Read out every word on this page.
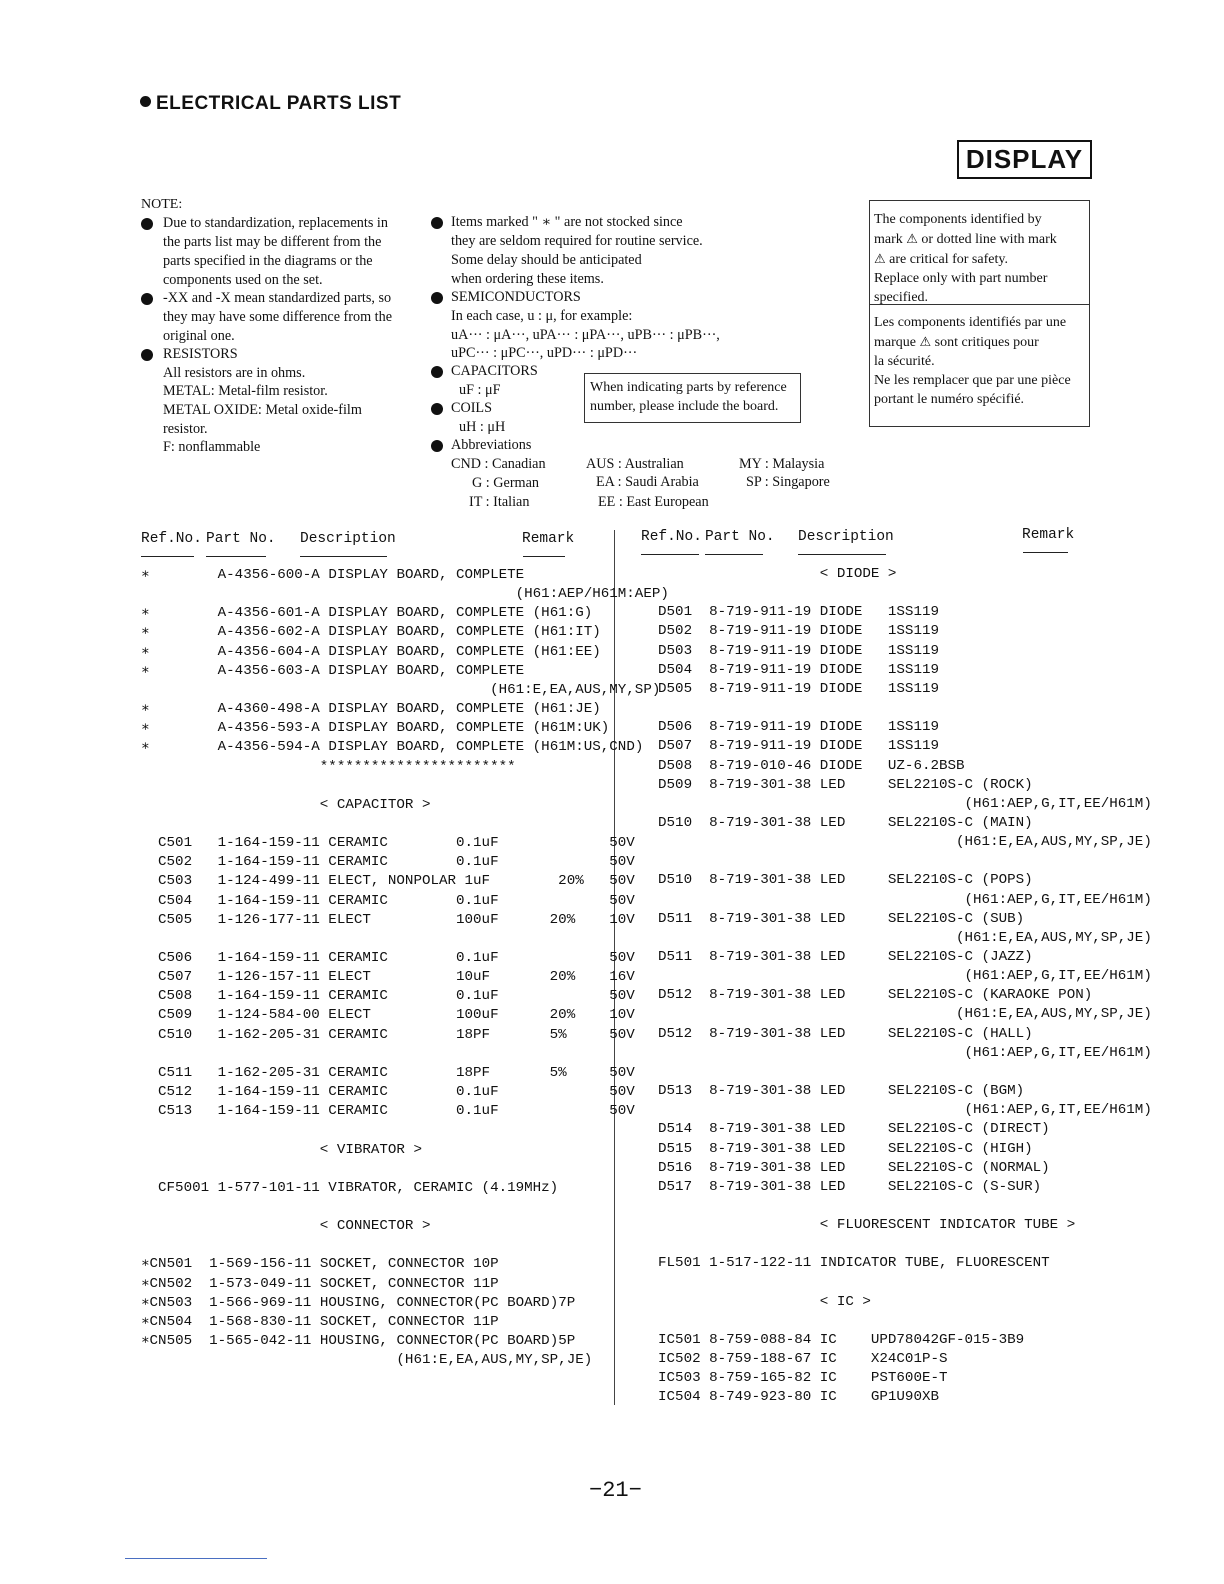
ELECTRICAL PARTS LIST
DISPLAY
NOTE:
Due to standardization, replacements in
the parts list may be different from the
parts specified in the diagrams or the
components used on the set.
-XX and -X mean standardized parts, so
they may have some difference from the
original one.
RESISTORS
All resistors are in ohms.
METAL: Metal-film resistor.
METAL OXIDE: Metal oxide-film
resistor.
F: nonflammable
Items marked " ∗ " are not stocked since
they are seldom required for routine service.
Some delay should be anticipated
when ordering these items.
SEMICONDUCTORS
In each case, u : μ, for example:
uA··· : μA···, uPA··· : μPA···, uPB··· : μPB···,
uPC··· : μPC···, uPD··· : μPD···
CAPACITORS
uF : μF
COILS
uH : μH
Abbreviations
CND : Canadian
G : German
IT : Italian
AUS : Australian
EA : Saudi Arabia
EE : East European
MY : Malaysia
SP : Singapore
When indicating parts by reference
number, please include the board.
The components identified by
mark ⚠ or dotted line with mark
⚠ are critical for safety.
Replace only with part number
specified.
Les components identifiés par une
marque ⚠ sont critiques pour
la sécurité.
Ne les remplacer que par une pièce
portant le numéro spécifié.
Ref.No. Part No. Description	Remark	Ref.No. Part No. Description	Remark
∗        A-4356-600-A DISPLAY BOARD, COMPLETE
(H61:AEP/H61M:AEP)
∗        A-4356-601-A DISPLAY BOARD, COMPLETE (H61:G)
∗        A-4356-602-A DISPLAY BOARD, COMPLETE (H61:IT)
∗        A-4356-604-A DISPLAY BOARD, COMPLETE (H61:EE)
∗        A-4356-603-A DISPLAY BOARD, COMPLETE
(H61:E,EA,AUS,MY,SP)
∗        A-4360-498-A DISPLAY BOARD, COMPLETE (H61:JE)
∗        A-4356-593-A DISPLAY BOARD, COMPLETE (H61M:UK)
∗        A-4356-594-A DISPLAY BOARD, COMPLETE (H61M:US,CND)
***********************
< CAPACITOR >
C501   1-164-159-11 CERAMIC        0.1uF             50V
C502   1-164-159-11 CERAMIC        0.1uF             50V
C503   1-124-499-11 ELECT, NONPOLAR 1uF        20%   50V
C504   1-164-159-11 CERAMIC        0.1uF             50V
C505   1-126-177-11 ELECT          100uF      20%    10V
C506   1-164-159-11 CERAMIC        0.1uF             50V
C507   1-126-157-11 ELECT          10uF       20%    16V
C508   1-164-159-11 CERAMIC        0.1uF             50V
C509   1-124-584-00 ELECT          100uF      20%    10V
C510   1-162-205-31 CERAMIC        18PF       5%     50V
C511   1-162-205-31 CERAMIC        18PF       5%     50V
C512   1-164-159-11 CERAMIC        0.1uF             50V
C513   1-164-159-11 CERAMIC        0.1uF             50V
< VIBRATOR >
CF5001 1-577-101-11 VIBRATOR, CERAMIC (4.19MHz)
< CONNECTOR >
∗CN501  1-569-156-11 SOCKET, CONNECTOR 10P
∗CN502  1-573-049-11 SOCKET, CONNECTOR 11P
∗CN503  1-566-969-11 HOUSING, CONNECTOR(PC BOARD)7P
∗CN504  1-568-830-11 SOCKET, CONNECTOR 11P
∗CN505  1-565-042-11 HOUSING, CONNECTOR(PC BOARD)5P
(H61:E,EA,AUS,MY,SP,JE)
< DIODE >
D501  8-719-911-19 DIODE   1SS119
D502  8-719-911-19 DIODE   1SS119
D503  8-719-911-19 DIODE   1SS119
D504  8-719-911-19 DIODE   1SS119
D505  8-719-911-19 DIODE   1SS119
D506  8-719-911-19 DIODE   1SS119
D507  8-719-911-19 DIODE   1SS119
D508  8-719-010-46 DIODE   UZ-6.2BSB
D509  8-719-301-38 LED     SEL2210S-C (ROCK)
(H61:AEP,G,IT,EE/H61M)
D510  8-719-301-38 LED     SEL2210S-C (MAIN)
(H61:E,EA,AUS,MY,SP,JE)
D510  8-719-301-38 LED     SEL2210S-C (POPS)
(H61:AEP,G,IT,EE/H61M)
D511  8-719-301-38 LED     SEL2210S-C (SUB)
(H61:E,EA,AUS,MY,SP,JE)
D511  8-719-301-38 LED     SEL2210S-C (JAZZ)
(H61:AEP,G,IT,EE/H61M)
D512  8-719-301-38 LED     SEL2210S-C (KARAOKE PON)
(H61:E,EA,AUS,MY,SP,JE)
D512  8-719-301-38 LED     SEL2210S-C (HALL)
(H61:AEP,G,IT,EE/H61M)
D513  8-719-301-38 LED     SEL2210S-C (BGM)
(H61:AEP,G,IT,EE/H61M)
D514  8-719-301-38 LED     SEL2210S-C (DIRECT)
D515  8-719-301-38 LED     SEL2210S-C (HIGH)
D516  8-719-301-38 LED     SEL2210S-C (NORMAL)
D517  8-719-301-38 LED     SEL2210S-C (S-SUR)
< FLUORESCENT INDICATOR TUBE >
FL501 1-517-122-11 INDICATOR TUBE, FLUORESCENT
< IC >
IC501 8-759-088-84 IC    UPD78042GF-015-3B9
IC502 8-759-188-67 IC    X24C01P-S
IC503 8-759-165-82 IC    PST600E-T
IC504 8-749-923-80 IC    GP1U90XB
−21−
